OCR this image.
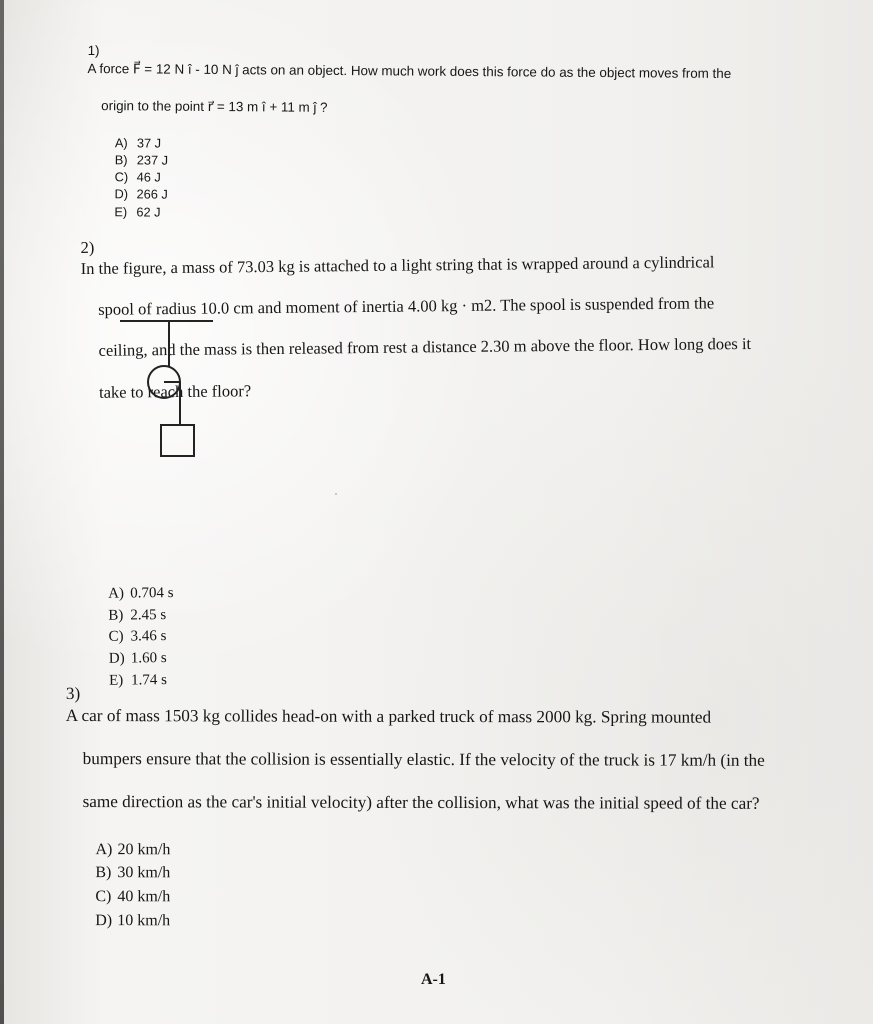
1)
A force F⃗ = 12 N î - 10 N ĵ acts on an object. How much work does this force do as the object moves from the

origin to the point r⃗ = 13 m î + 11 m ĵ ?

A) 37 J
B) 237 J
C) 46 J
D) 266 J
E) 62 J

2)
In the figure, a mass of 73.03 kg is attached to a light string that is wrapped around a cylindrical

spool of radius 10.0 cm and moment of inertia 4.00 kg · m2. The spool is suspended from the

ceiling, and the mass is then released from rest a distance 2.30 m above the floor. How long does it

take to reach the floor?

A) 0.704 s
B) 2.45 s
C) 3.46 s
D) 1.60 s
E) 1.74 s

3)
A car of mass 1503 kg collides head-on with a parked truck of mass 2000 kg. Spring mounted

bumpers ensure that the collision is essentially elastic. If the velocity of the truck is 17 km/h (in the

same direction as the car's initial velocity) after the collision, what was the initial speed of the car?

A) 20 km/h
B) 30 km/h
C) 40 km/h
D) 10 km/h
A-1
